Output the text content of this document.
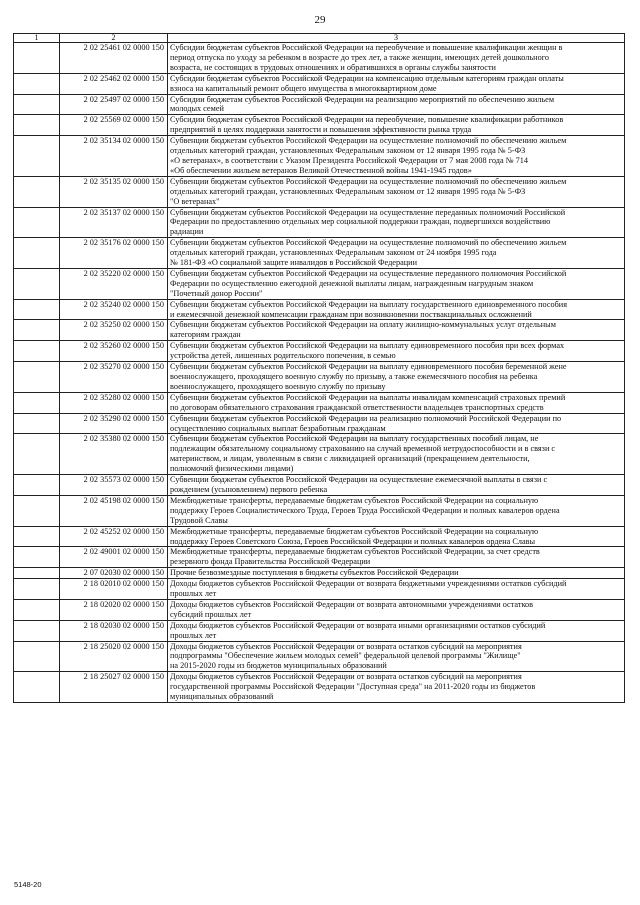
29
1	2	3
	2 02 25461 02 0000 150	Субсидии бюджетам субъектов Российской Федерации на переобучение и повышение квалификации женщин в
период отпуска по уходу за ребенком в возрасте до трех лет, а также женщин, имеющих детей дошкольного
возраста, не состоящих в трудовых отношениях и обратившихся в органы службы занятости
	2 02 25462 02 0000 150	Субсидии бюджетам субъектов Российской Федерации на компенсацию отдельным категориям граждан оплаты
взноса на капитальный ремонт общего имущества в многоквартирном доме
	2 02 25497 02 0000 150	Субсидии бюджетам субъектов Российской Федерации на реализацию мероприятий по обеспечению жильем
молодых семей
	2 02 25569 02 0000 150	Субсидии бюджетам субъектов Российской Федерации на переобучение, повышение квалификации работников
предприятий в целях поддержки занятости и повышения эффективности рынка труда
	2 02 35134 02 0000 150	Субвенции бюджетам субъектов Российской Федерации на осуществление полномочий по обеспечению жильем
отдельных категорий граждан, установленных Федеральным законом от 12 января 1995 года № 5-ФЗ
«О ветеранах», в соответствии с Указом Президента Российской Федерации от 7 мая 2008 года № 714
«Об обеспечении жильем ветеранов Великой Отечественной войны 1941-1945 годов»
	2 02 35135 02 0000 150	Субвенции бюджетам субъектов Российской Федерации на осуществление полномочий по обеспечению жильем
отдельных категорий граждан, установленных Федеральным законом от 12 января 1995 года № 5-ФЗ
"О ветеранах"
	2 02 35137 02 0000 150	Субвенции бюджетам субъектов Российской Федерации на осуществление переданных полномочий Российской
Федерации по предоставлению отдельных мер социальной поддержки граждан, подвергшихся воздействию
радиации
	2 02 35176 02 0000 150	Субвенции бюджетам субъектов Российской Федерации на осуществление полномочий по обеспечению жильем
отдельных категорий граждан, установленных Федеральным законом от 24 ноября 1995 года
№ 181-ФЗ «О социальной защите инвалидов в Российской Федерации
	2 02 35220 02 0000 150	Субвенции бюджетам субъектов Российской Федерации на осуществление переданного полномочия Российской
Федерации по осуществлению ежегодной денежной выплаты лицам, награжденным нагрудным знаком
"Почетный донор России"
	2 02 35240 02 0000 150	Субвенции бюджетам субъектов Российской Федерации на выплату государственного единовременного пособия
и ежемесячной денежной компенсации гражданам при возникновении поствакцинальных осложнений
	2 02 35250 02 0000 150	Субвенции бюджетам субъектов Российской Федерации на оплату жилищно-коммунальных услуг отдельным
категориям граждан
	2 02 35260 02 0000 150	Субвенции бюджетам субъектов Российской Федерации на выплату единовременного пособия при всех формах
устройства детей, лишенных родительского попечения, в семью
	2 02 35270 02 0000 150	Субвенции бюджетам субъектов Российской Федерации на выплату единовременного пособия беременной жене
военнослужащего, проходящего военную службу по призыву, а также ежемесячного пособия на ребенка
военнослужащего, проходящего военную службу по призыву
	2 02 35280 02 0000 150	Субвенции бюджетам субъектов Российской Федерации на выплаты инвалидам компенсаций страховых премий
по договорам обязательного страхования гражданской ответственности владельцев транспортных средств
	2 02 35290 02 0000 150	Субвенции бюджетам субъектов Российской Федерации на реализацию полномочий Российской Федерации по
осуществлению социальных выплат безработным гражданам
	2 02 35380 02 0000 150	Субвенции бюджетам субъектов Российской Федерации на выплату государственных пособий лицам, не
подлежащим обязательному социальному страхованию на случай временной нетрудоспособности и в связи с
материнством, и лицам, уволенным в связи с ликвидацией организаций (прекращением деятельности,
полномочий физическими лицами)
	2 02 35573 02 0000 150	Субвенции бюджетам субъектов Российской Федерации на осуществление ежемесячной выплаты в связи с
рождением (усыновлением) первого ребенка
	2 02 45198 02 0000 150	Межбюджетные трансферты, передаваемые бюджетам субъектов Российской Федерации на социальную
поддержку Героев Социалистического Труда, Героев Труда Российской Федерации и полных кавалеров ордена
Трудовой Славы
	2 02 45252 02 0000 150	Межбюджетные трансферты, передаваемые бюджетам субъектов Российской Федерации на социальную
поддержку Героев Советского Союза, Героев Российской Федерации и полных кавалеров ордена Славы
	2 02 49001 02 0000 150	Межбюджетные трансферты, передаваемые бюджетам субъектов Российской Федерации, за счет средств
резервного фонда Правительства Российской Федерации
	2 07 02030 02 0000 150	Прочие безвозмездные поступления в бюджеты субъектов Российской Федерации
	2 18 02010 02 0000 150	Доходы бюджетов субъектов Российской Федерации от возврата бюджетными учреждениями остатков субсидий
прошлых лет
	2 18 02020 02 0000 150	Доходы бюджетов субъектов Российской Федерации от возврата автономными учреждениями остатков
субсидий прошлых лет
	2 18 02030 02 0000 150	Доходы бюджетов субъектов Российской Федерации от возврата иными организациями остатков субсидий
прошлых лет
	2 18 25020 02 0000 150	Доходы бюджетов субъектов Российской Федерации от возврата остатков субсидий на мероприятия
подпрограммы "Обеспечение жильем молодых семей" федеральной целевой программы "Жилище"
на 2015-2020 годы из бюджетов муниципальных образований
	2 18 25027 02 0000 150	Доходы бюджетов субъектов Российской Федерации от возврата остатков субсидий на мероприятия
государственной программы Российской Федерации "Доступная среда" на 2011-2020 годы из бюджетов
муниципальных образований
5148-20
